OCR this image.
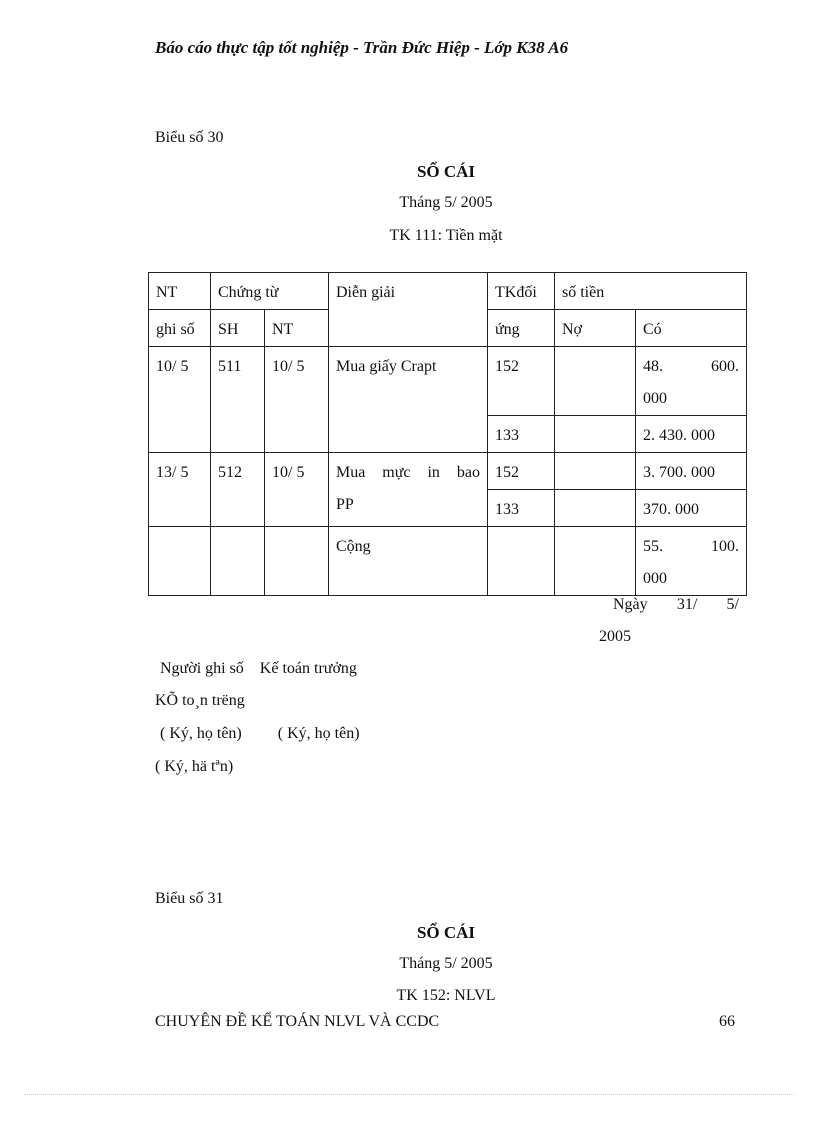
Báo cáo thực tập tốt nghiệp - Trần Đức Hiệp - Lớp K38 A6
Biểu số 30
SỔ CÁI
Tháng 5/ 2005
TK 111: Tiền mặt
NT	Chứng từ		Diễn giải	TKđối	số tiền	
ghi số	SH	NT		ứng	Nợ	Có
10/ 5	511	10/ 5	Mua giấy Crapt	152		48. 600.
000

				133		2. 430. 000
13/ 5	512	10/ 5	Mua mực in bao
PP	152		3. 700. 000
				133		370. 000
			Cộng			55. 100.
000
Ngày 31/ 5/
2005
Người ghi số    Kế toán trưởng
KÕ to¸n trëng
( Ký, họ tên)         ( Ký, họ tên)
( Ký, hä tªn)
Biểu số 31
SỔ CÁI
Tháng 5/ 2005
TK 152: NLVL
CHUYÊN ĐỀ KẾ TOÁN NLVL VÀ CCDC	66
